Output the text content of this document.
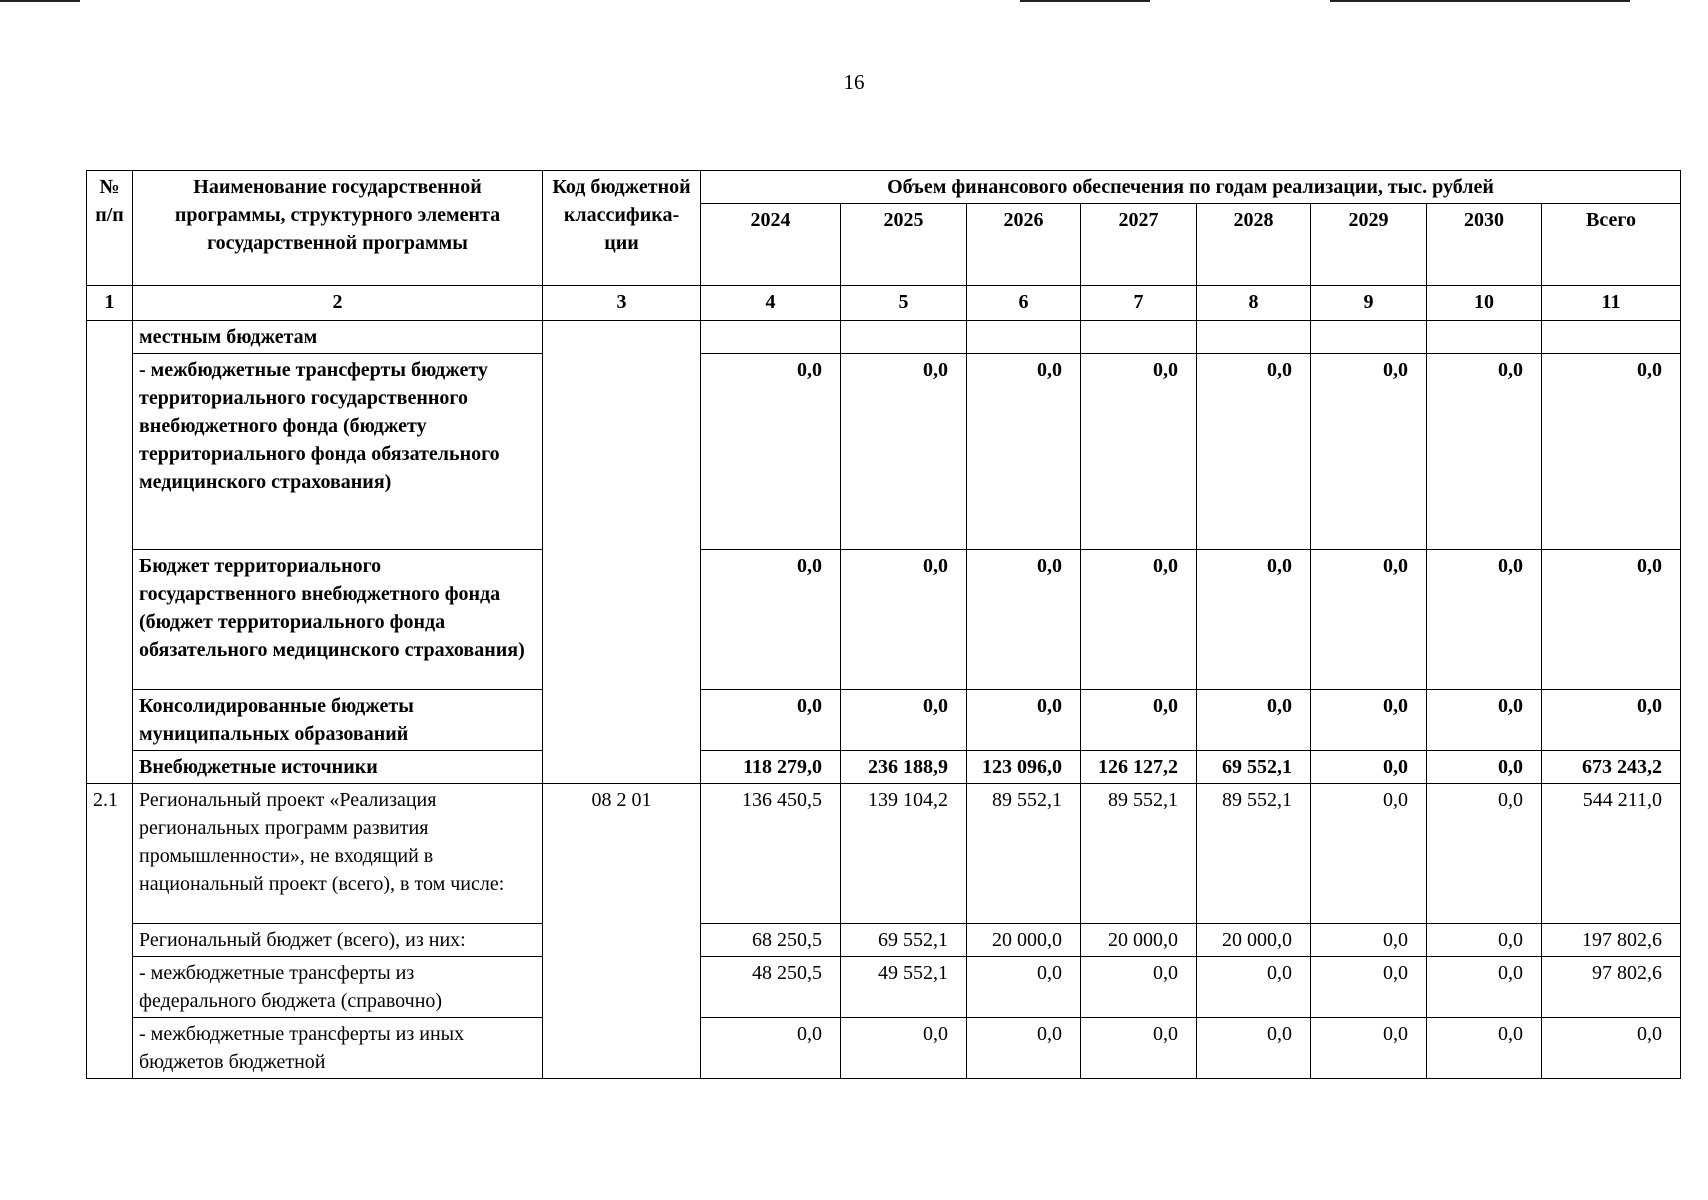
16
№ п/п	Наименование государственной программы, структурного элемента государственной программы	Код бюджетной классифика-ции	Объем финансового обеспечения по годам реализации, тыс. рублей							
			2024	2025	2026	2027	2028	2029	2030	Всего
1	2	3	4	5	6	7	8	9	10	11
	местным бюджетам									
	- межбюджетные трансферты бюджету территориального государственного внебюджетного фонда (бюджету территориального фонда обязательного медицинского страхования)		0,0	0,0	0,0	0,0	0,0	0,0	0,0	0,0
	Бюджет территориального государственного внебюджетного фонда (бюджет территориального фонда обязательного медицинского страхования)		0,0	0,0	0,0	0,0	0,0	0,0	0,0	0,0
	Консолидированные бюджеты муниципальных образований		0,0	0,0	0,0	0,0	0,0	0,0	0,0	0,0
	Внебюджетные источники		118 279,0	236 188,9	123 096,0	126 127,2	69 552,1	0,0	0,0	673 243,2
2.1	Региональный проект «Реализация региональных программ развития промышленности», не входящий в национальный проект (всего), в том числе:	08 2 01	136 450,5	139 104,2	89 552,1	89 552,1	89 552,1	0,0	0,0	544 211,0
	Региональный бюджет (всего), из них:		68 250,5	69 552,1	20 000,0	20 000,0	20 000,0	0,0	0,0	197 802,6
	- межбюджетные трансферты из федерального бюджета (справочно)		48 250,5	49 552,1	0,0	0,0	0,0	0,0	0,0	97 802,6
	- межбюджетные трансферты из иных бюджетов бюджетной		0,0	0,0	0,0	0,0	0,0	0,0	0,0	0,0
